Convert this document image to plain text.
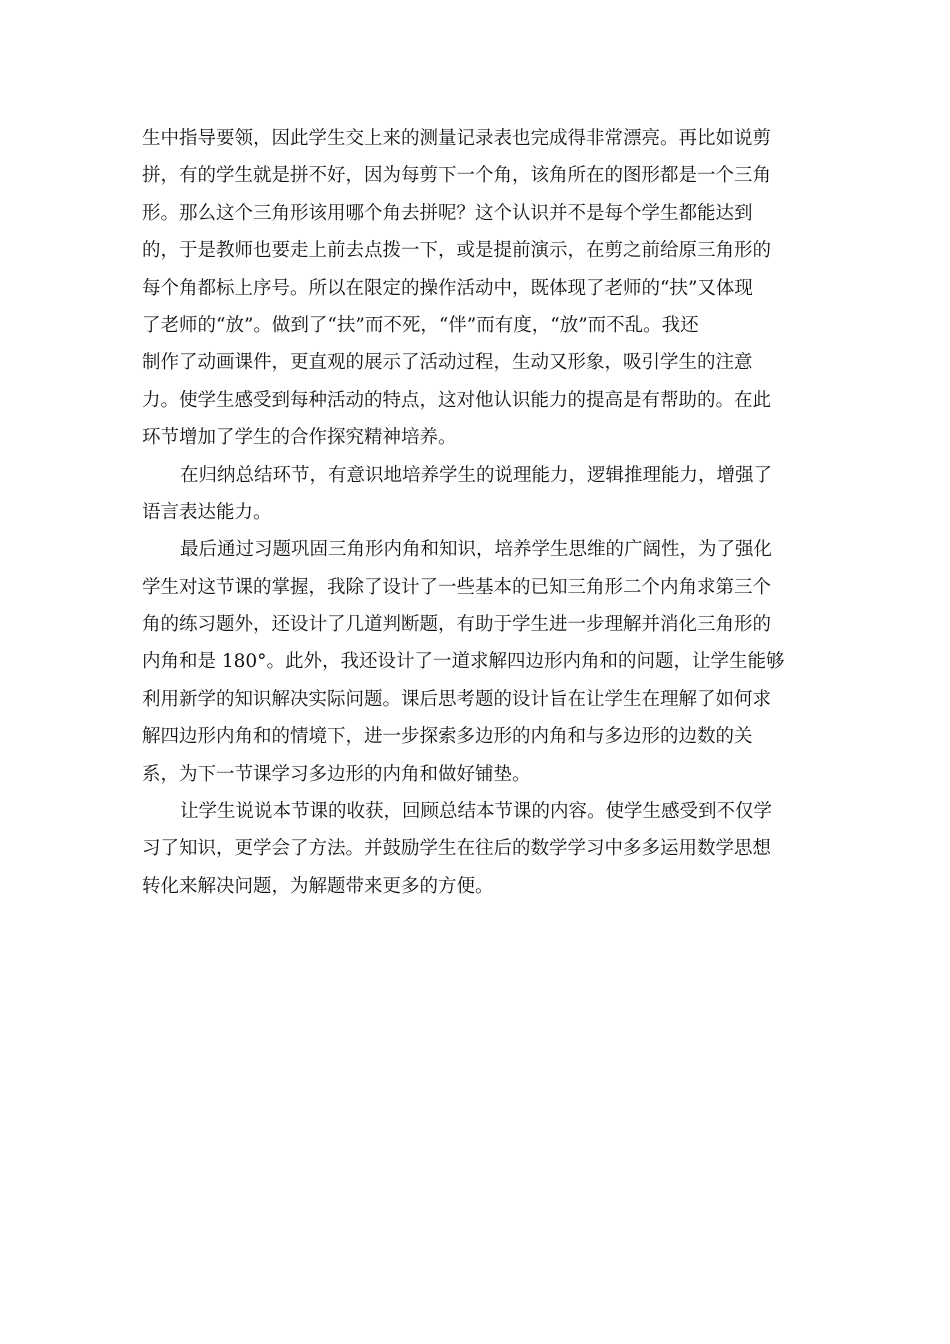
生中指导要领，因此学生交上来的测量记录表也完成得非常漂亮。再比如说剪
拼，有的学生就是拼不好，因为每剪下一个角，该角所在的图形都是一个三角
形。那么这个三角形该用哪个角去拼呢？这个认识并不是每个学生都能达到
的，于是教师也要走上前去点拨一下，或是提前演示，在剪之前给原三角形的
每个角都标上序号。所以在限定的操作活动中，既体现了老师的“扶”又体现
了老师的“放”。做到了“扶”而不死，“伴”而有度，“放”而不乱。我还
制作了动画课件，更直观的展示了活动过程，生动又形象，吸引学生的注意
力。使学生感受到每种活动的特点，这对他认识能力的提高是有帮助的。在此
环节增加了学生的合作探究精神培养。
在归纳总结环节，有意识地培养学生的说理能力，逻辑推理能力，增强了
语言表达能力。
最后通过习题巩固三角形内角和知识，培养学生思维的广阔性，为了强化
学生对这节课的掌握，我除了设计了一些基本的已知三角形二个内角求第三个
角的练习题外，还设计了几道判断题，有助于学生进一步理解并消化三角形的
内角和是 180°。此外，我还设计了一道求解四边形内角和的问题，让学生能够
利用新学的知识解决实际问题。课后思考题的设计旨在让学生在理解了如何求
解四边形内角和的情境下，进一步探索多边形的内角和与多边形的边数的关
系，为下一节课学习多边形的内角和做好铺垫。
让学生说说本节课的收获，回顾总结本节课的内容。使学生感受到不仅学
习了知识，更学会了方法。并鼓励学生在往后的数学学习中多多运用数学思想
转化来解决问题，为解题带来更多的方便。
